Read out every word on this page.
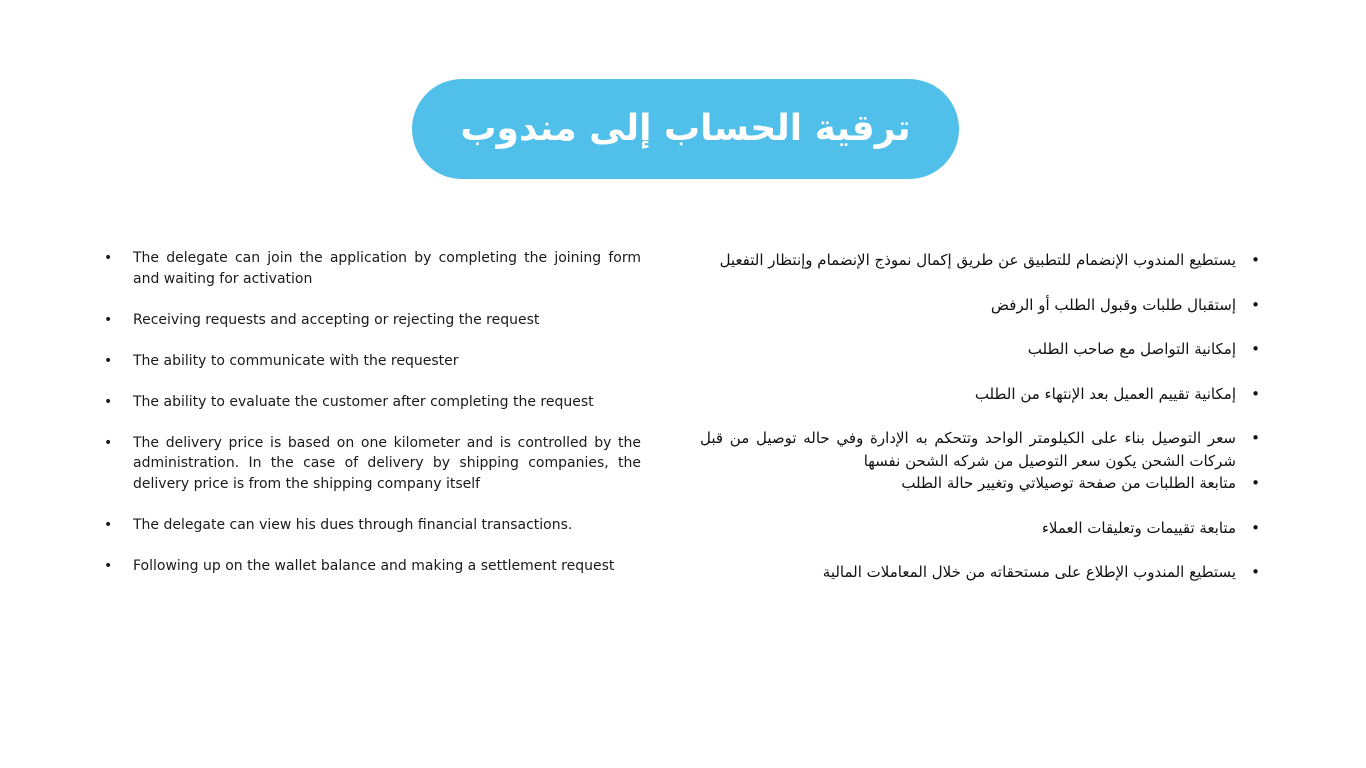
ترقية الحساب إلى مندوب
• The delegate can join the application by completing the joining form and waiting for activation
• Receiving requests and accepting or rejecting the request
• The ability to communicate with the requester
• The ability to evaluate the customer after completing the request
• The delivery price is based on one kilometer and is controlled by the administration. In the case of delivery by shipping companies, the delivery price is from the shipping company itself
• The delegate can view his dues through financial transactions.
• Following up on the wallet balance and making a settlement request
•
يستطيع المندوب الإنضمام للتطبيق عن طريق إكمال نموذج الإنضمام وإنتظار التفعيل
•
إستقبال طلبات وقبول الطلب أو الرفض
•
إمكانية التواصل مع صاحب الطلب
•
إمكانية تقييم العميل بعد الإنتهاء من الطلب
•
سعر التوصيل بناء على الكيلومتر الواحد وتتحكم به الإدارة وفي حاله توصيل من قبل شركات الشحن يكون سعر التوصيل من شركه الشحن نفسها
•
متابعة الطلبات من صفحة توصيلاتي وتغيير حالة الطلب
•
متابعة تقييمات وتعليقات العملاء
•
يستطيع المندوب الإطلاع على مستحقاته من خلال المعاملات المالية
